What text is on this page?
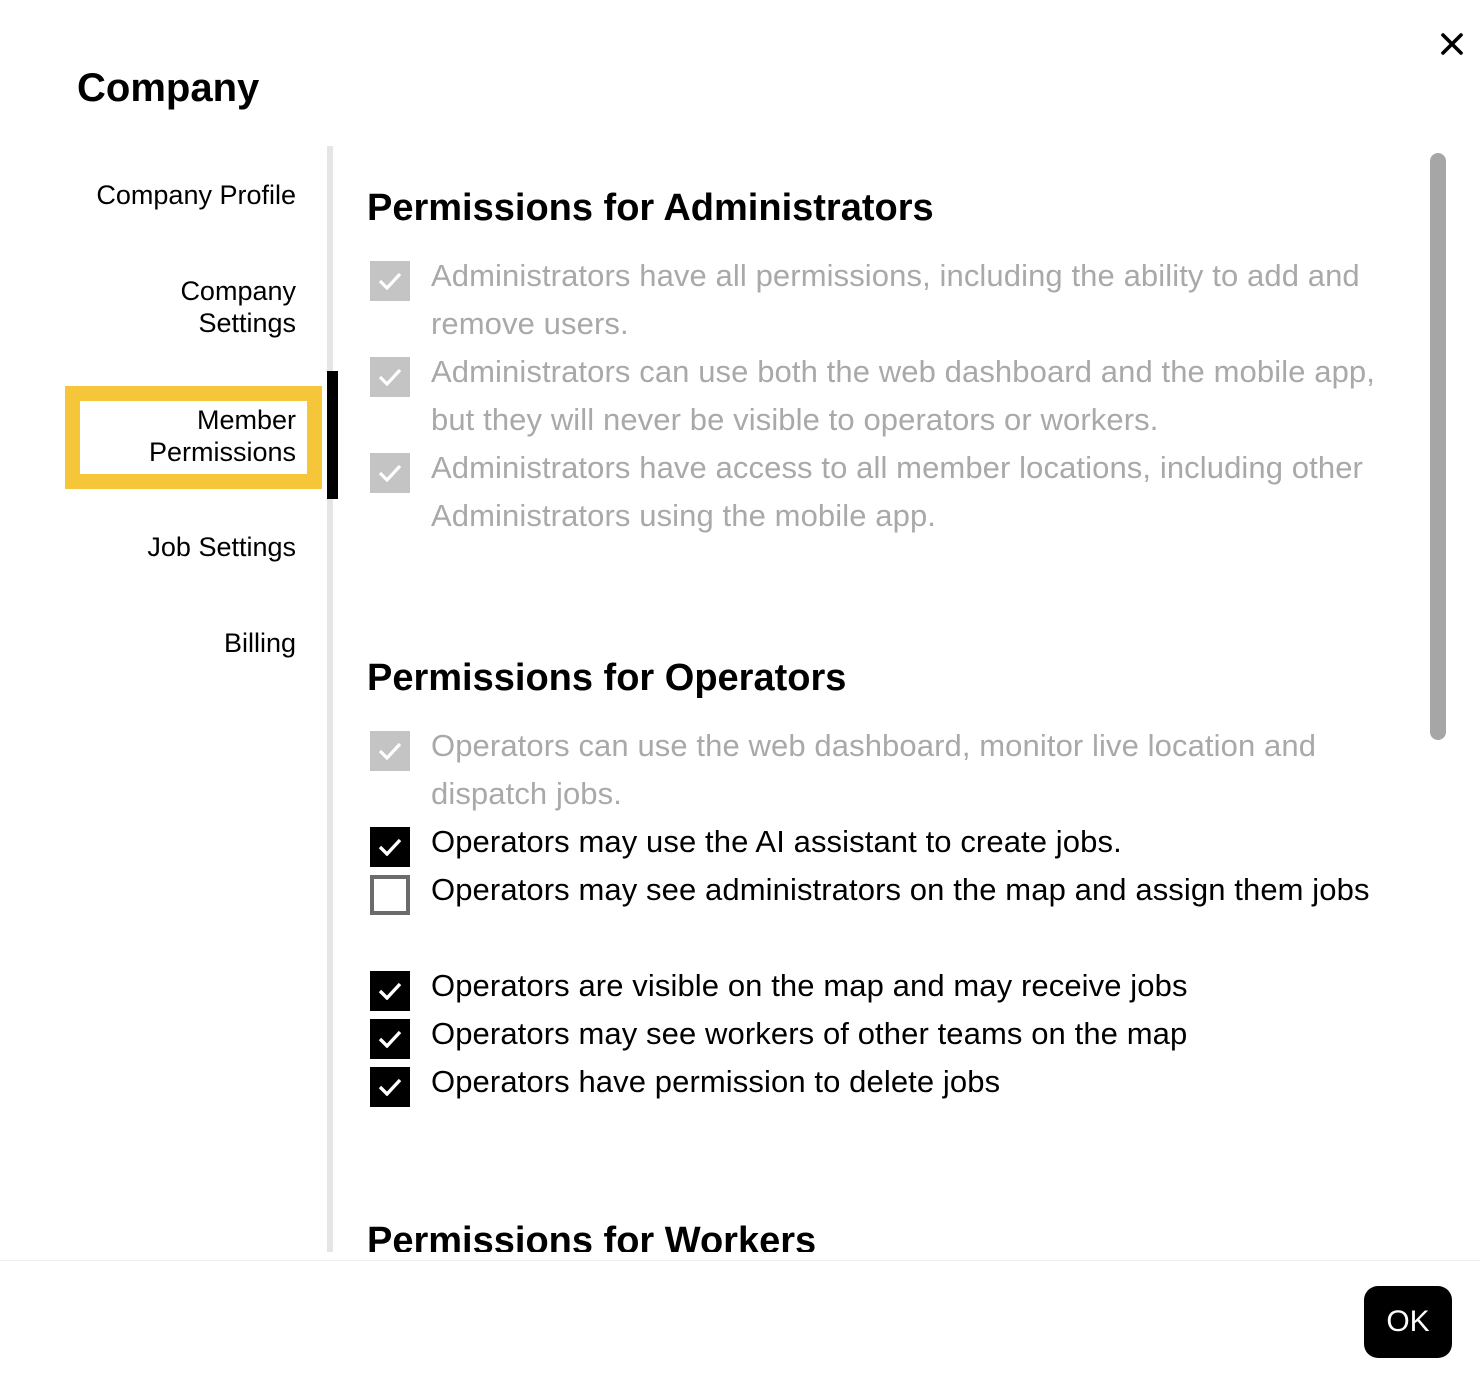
Company
Company Profile
Company Settings
Member Permissions
Job Settings
Billing
Permissions for Administrators
Administrators have all permissions, including the ability to add and remove users.
Administrators can use both the web dashboard and the mobile app, but they will never be visible to operators or workers.
Administrators have access to all member locations, including other Administrators using the mobile app.
Permissions for Operators
Operators can use the web dashboard, monitor live location and dispatch jobs.
Operators may use the AI assistant to create jobs.
Operators may see administrators on the map and assign them jobs
Operators are visible on the map and may receive jobs
Operators may see workers of other teams on the map
Operators have permission to delete jobs
Permissions for Workers
OK
